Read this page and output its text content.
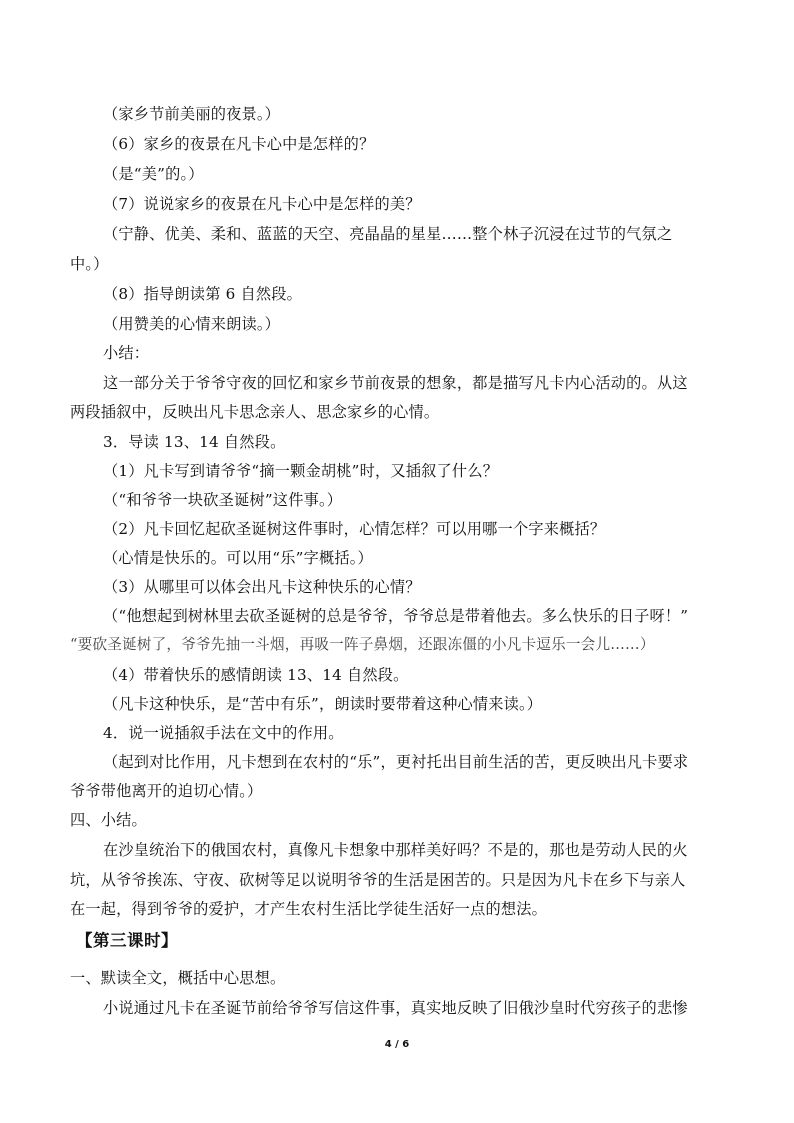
（家乡节前美丽的夜景。）
（6）家乡的夜景在凡卡心中是怎样的？
（是“美”的。）
（7）说说家乡的夜景在凡卡心中是怎样的美？
（宁静、优美、柔和、蓝蓝的天空、亮晶晶的星星……整个林子沉浸在过节的气氛之
中。）
（8）指导朗读第 6 自然段。
（用赞美的心情来朗读。）
小结：
这一部分关于爷爷守夜的回忆和家乡节前夜景的想象，都是描写凡卡内心活动的。从这
两段插叙中，反映出凡卡思念亲人、思念家乡的心情。
3．导读 13、14 自然段。
（1）凡卡写到请爷爷“摘一颗金胡桃”时，又插叙了什么？
（“和爷爷一块砍圣诞树”这件事。）
（2）凡卡回忆起砍圣诞树这件事时，心情怎样？可以用哪一个字来概括？
（心情是快乐的。可以用“乐”字概括。）
（3）从哪里可以体会出凡卡这种快乐的心情？
（“他想起到树林里去砍圣诞树的总是爷爷，爷爷总是带着他去。多么快乐的日子呀！”
“要砍圣诞树了，爷爷先抽一斗烟，再吸一阵子鼻烟，还跟冻僵的小凡卡逗乐一会儿……）
（4）带着快乐的感情朗读 13、14 自然段。
（凡卡这种快乐，是“苦中有乐”，朗读时要带着这种心情来读。）
4．说一说插叙手法在文中的作用。
（起到对比作用，凡卡想到在农村的“乐”，更衬托出目前生活的苦，更反映出凡卡要求
爷爷带他离开的迫切心情。）
四、小结。
在沙皇统治下的俄国农村，真像凡卡想象中那样美好吗？不是的，那也是劳动人民的火
坑，从爷爷挨冻、守夜、砍树等足以说明爷爷的生活是困苦的。只是因为凡卡在乡下与亲人
在一起，得到爷爷的爱护，才产生农村生活比学徒生活好一点的想法。
【第三课时】
一、默读全文，概括中心思想。
小说通过凡卡在圣诞节前给爷爷写信这件事，真实地反映了旧俄沙皇时代穷孩子的悲惨
4 / 6
